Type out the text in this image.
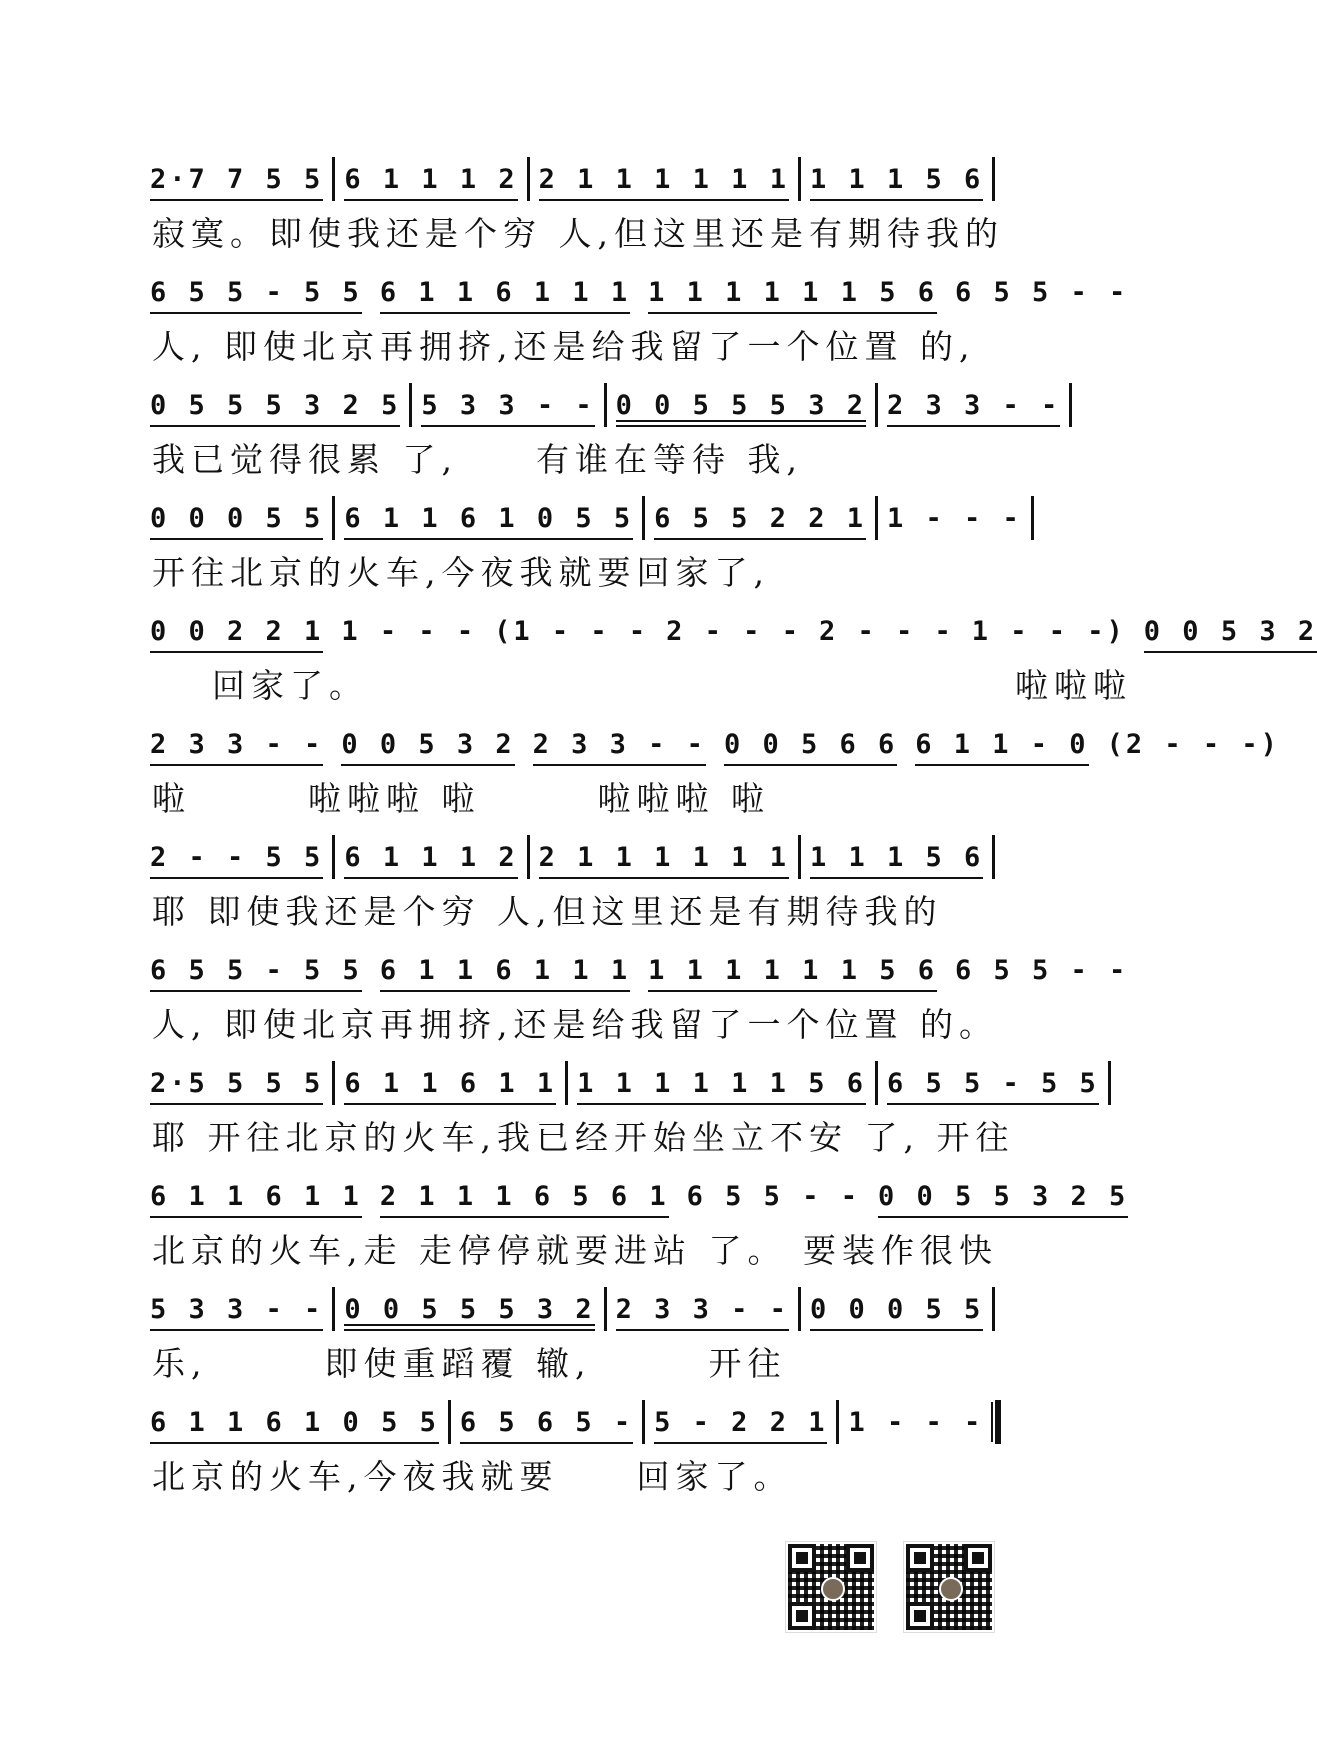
2·7 7 5 5 6 1 1 1 2 2 1 1 1 1 1 1 1 1 1 5 6
寂寞。即使我还是个穷 人,但这里还是有期待我的
6 5 5 - 5 5 6 1 1 6 1 1 1 1 1 1 1 1 1 5 6 6 5 5 - -
人, 即使北京再拥挤,还是给我留了一个位置 的,
0 5 5 5 3 2 5 5 3 3 - - 0 0 5 5 5 3 2 2 3 3 - -
我已觉得很累 了,　　有谁在等待 我,
0 0 0 5 5 6 1 1 6 1 0 5 5 6 5 5 2 2 1 1 - - -
开往北京的火车,今夜我就要回家了,
0 0 2 2 1 1 - - - (1 - - - 2 - - - 2 - - - 1 - - -) 0 0 5 3 2
回家了。	啦啦啦
2 3 3 - - 0 0 5 3 2 2 3 3 - - 0 0 5 6 6 6 1 1 - 0 (2 - - -)
啦　　　啦啦啦 啦　　　啦啦啦 啦
2 - - 5 5 6 1 1 1 2 2 1 1 1 1 1 1 1 1 1 5 6
耶 即使我还是个穷 人,但这里还是有期待我的
6 5 5 - 5 5 6 1 1 6 1 1 1 1 1 1 1 1 1 5 6 6 5 5 - -
人, 即使北京再拥挤,还是给我留了一个位置 的。
2·5 5 5 5 6 1 1 6 1 1 1 1 1 1 1 1 5 6 6 5 5 - 5 5
耶 开往北京的火车,我已经开始坐立不安 了, 开往
6 1 1 6 1 1 2 1 1 1 6 5 6 1 6 5 5 - - 0 0 5 5 3 2 5
北京的火车,走 走停停就要进站 了。 要装作很快
5 3 3 - - 0 0 5 5 5 3 2 2 3 3 - - 0 0 0 5 5
乐,　　　即使重蹈覆 辙,　　　开往
6 1 1 6 1 0 5 5 6 5 6 5 - 5 - 2 2 1 1 - - -
北京的火车,今夜我就要　　回家了。
